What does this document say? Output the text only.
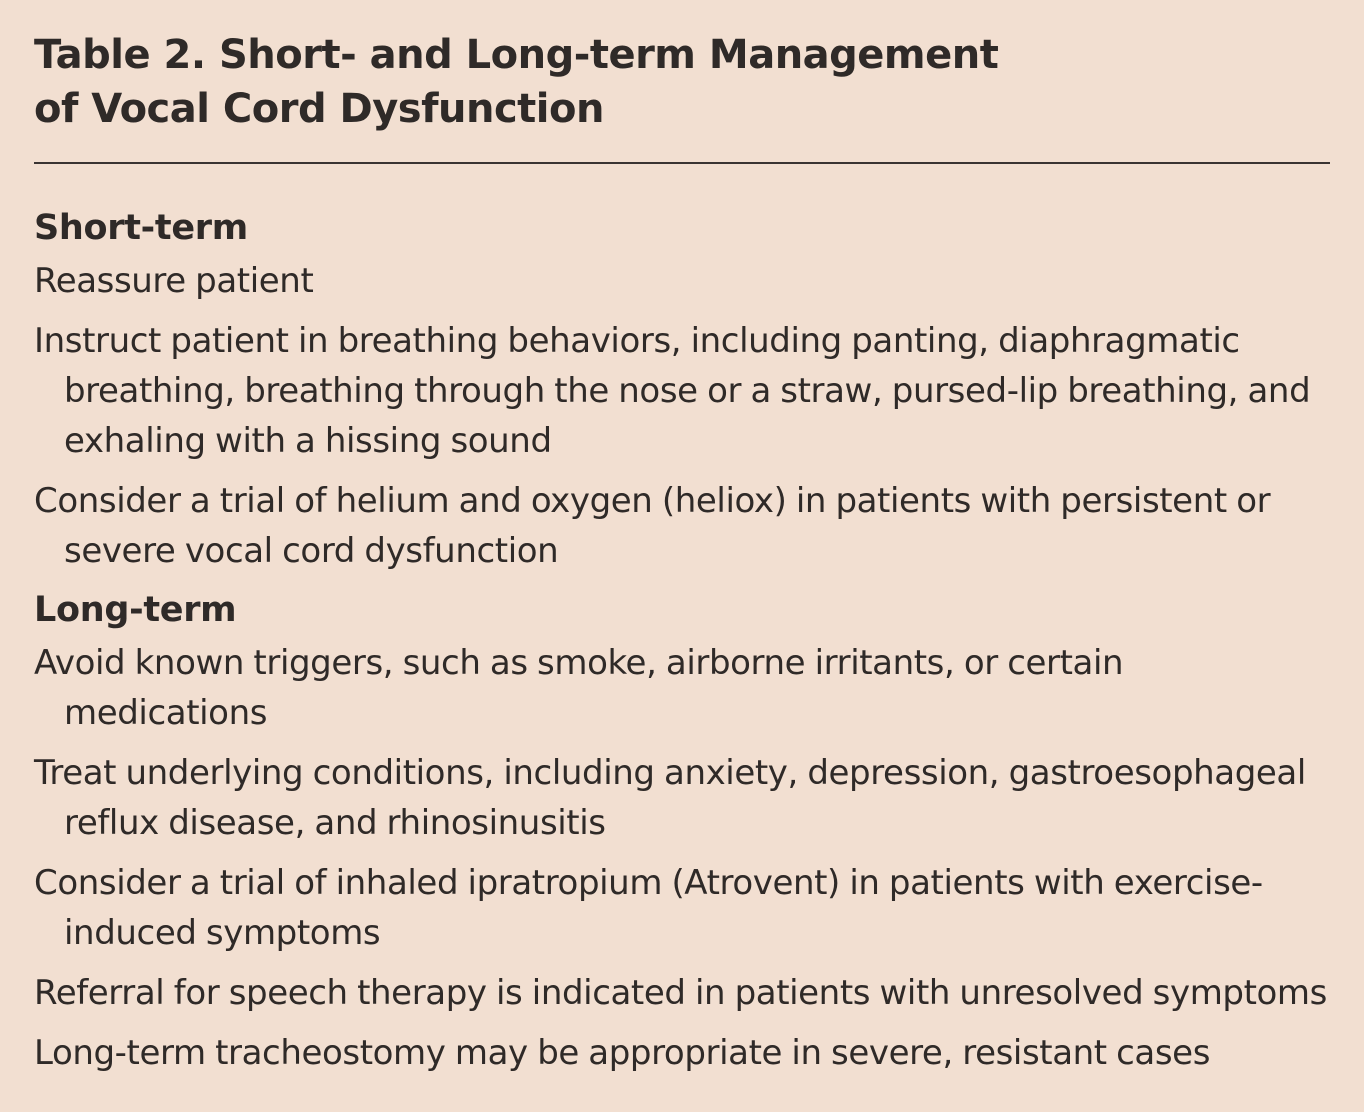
Table 2. Short- and Long-term Management
of Vocal Cord Dysfunction
Short-term
Reassure patient
Instruct patient in breathing behaviors, including panting, diaphragmatic breathing, breathing through the nose or a straw, pursed-lip breathing, and exhaling with a hissing sound
Consider a trial of helium and oxygen (heliox) in patients with persistent or severe vocal cord dysfunction
Long-term
Avoid known triggers, such as smoke, airborne irritants, or certain medications
Treat underlying conditions, including anxiety, depression, gastroesophageal reflux disease, and rhinosinusitis
Consider a trial of inhaled ipratropium (Atrovent) in patients with exercise-induced symptoms
Referral for speech therapy is indicated in patients with unresolved symptoms
Long-term tracheostomy may be appropriate in severe, resistant cases
